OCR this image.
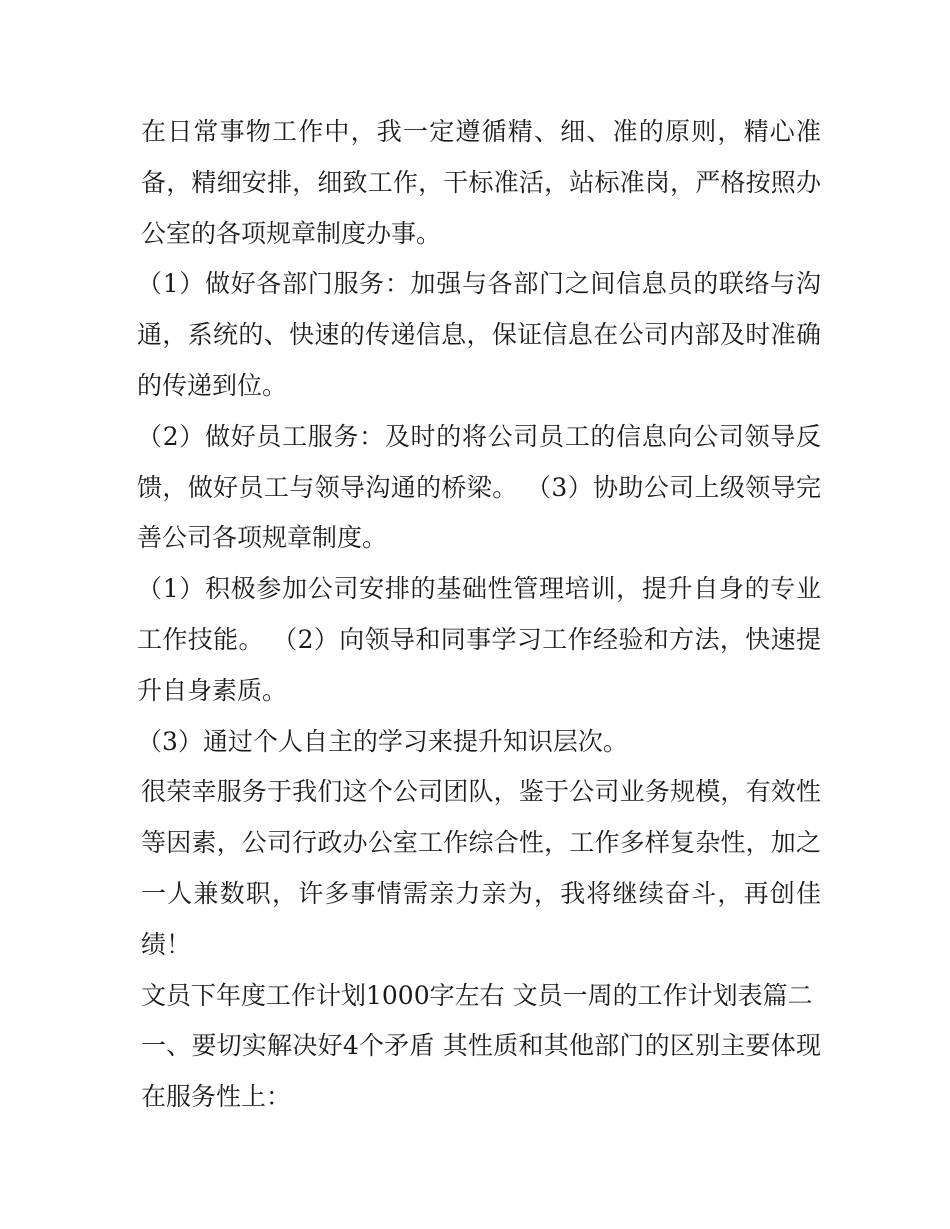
在日常事物工作中，我一定遵循精、细、准的原则，精心准备，精细安排，细致工作，干标准活，站标准岗，严格按照办公室的各项规章制度办事。

（1）做好各部门服务：加强与各部门之间信息员的联络与沟通，系统的、快速的传递信息，保证信息在公司内部及时准确的传递到位。

（2）做好员工服务：及时的将公司员工的信息向公司领导反馈，做好员工与领导沟通的桥梁。 （3）协助公司上级领导完善公司各项规章制度。

（1）积极参加公司安排的基础性管理培训，提升自身的专业工作技能。 （2）向领导和同事学习工作经验和方法，快速提升自身素质。

（3）通过个人自主的学习来提升知识层次。

很荣幸服务于我们这个公司团队，鉴于公司业务规模，有效性等因素，公司行政办公室工作综合性，工作多样复杂性，加之一人兼数职，许多事情需亲力亲为，我将继续奋斗，再创佳绩！

文员下年度工作计划1000字左右 文员一周的工作计划表篇二

一、要切实解决好4个矛盾 其性质和其他部门的区别主要体现在服务性上：
